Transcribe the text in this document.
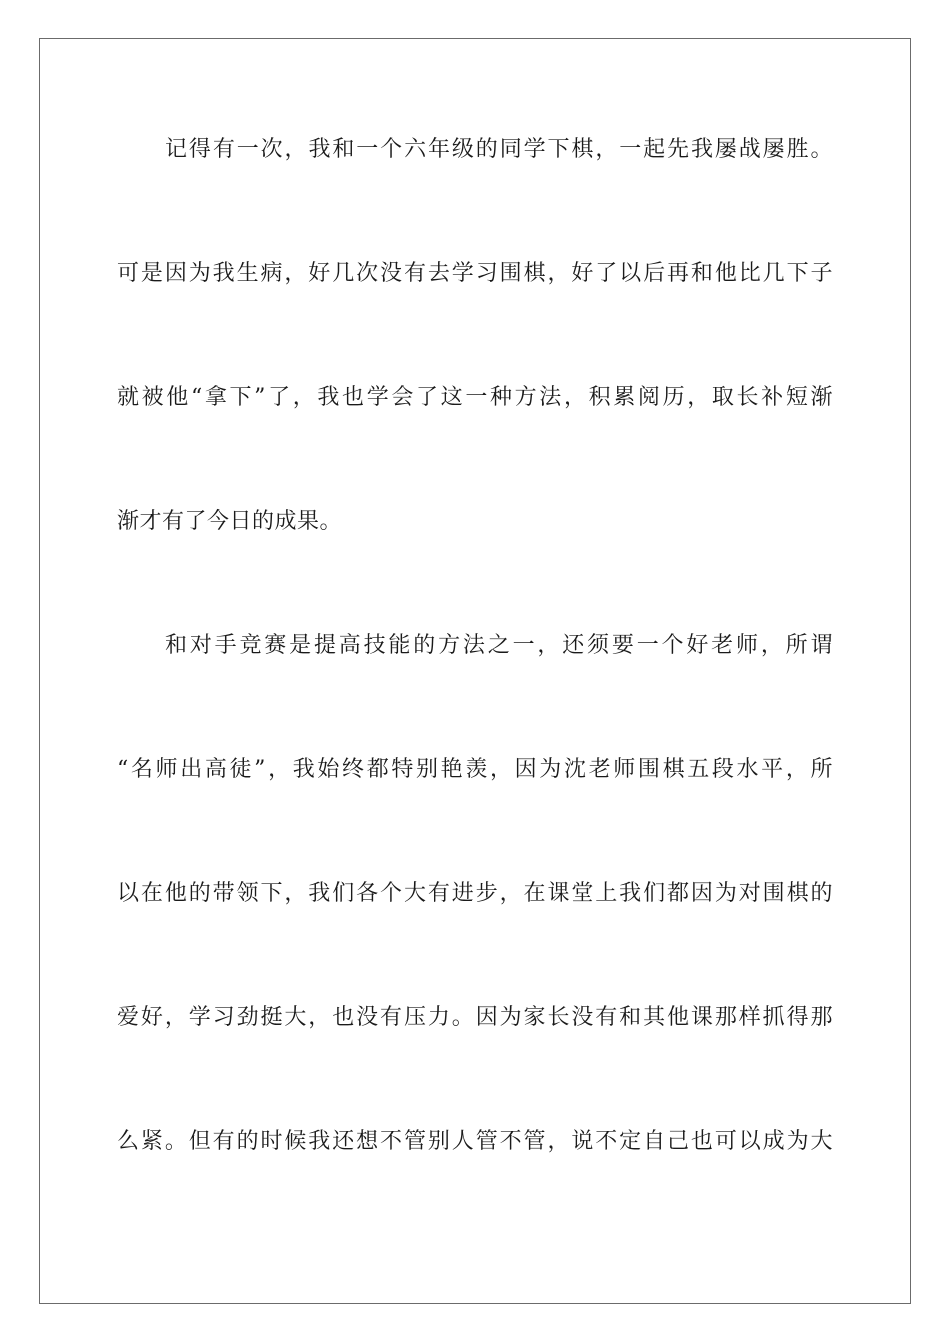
记得有一次，我和一个六年级的同学下棋，一起先我屡战屡胜。
可是因为我生病，好几次没有去学习围棋，好了以后再和他比几下子
就被他“拿下”了，我也学会了这一种方法，积累阅历，取长补短渐
渐才有了今日的成果。
和对手竞赛是提高技能的方法之一，还须要一个好老师，所谓
“名师出高徒”，我始终都特别艳羡，因为沈老师围棋五段水平，所
以在他的带领下，我们各个大有进步，在课堂上我们都因为对围棋的
爱好，学习劲挺大，也没有压力。因为家长没有和其他课那样抓得那
么紧。但有的时候我还想不管别人管不管，说不定自己也可以成为大
